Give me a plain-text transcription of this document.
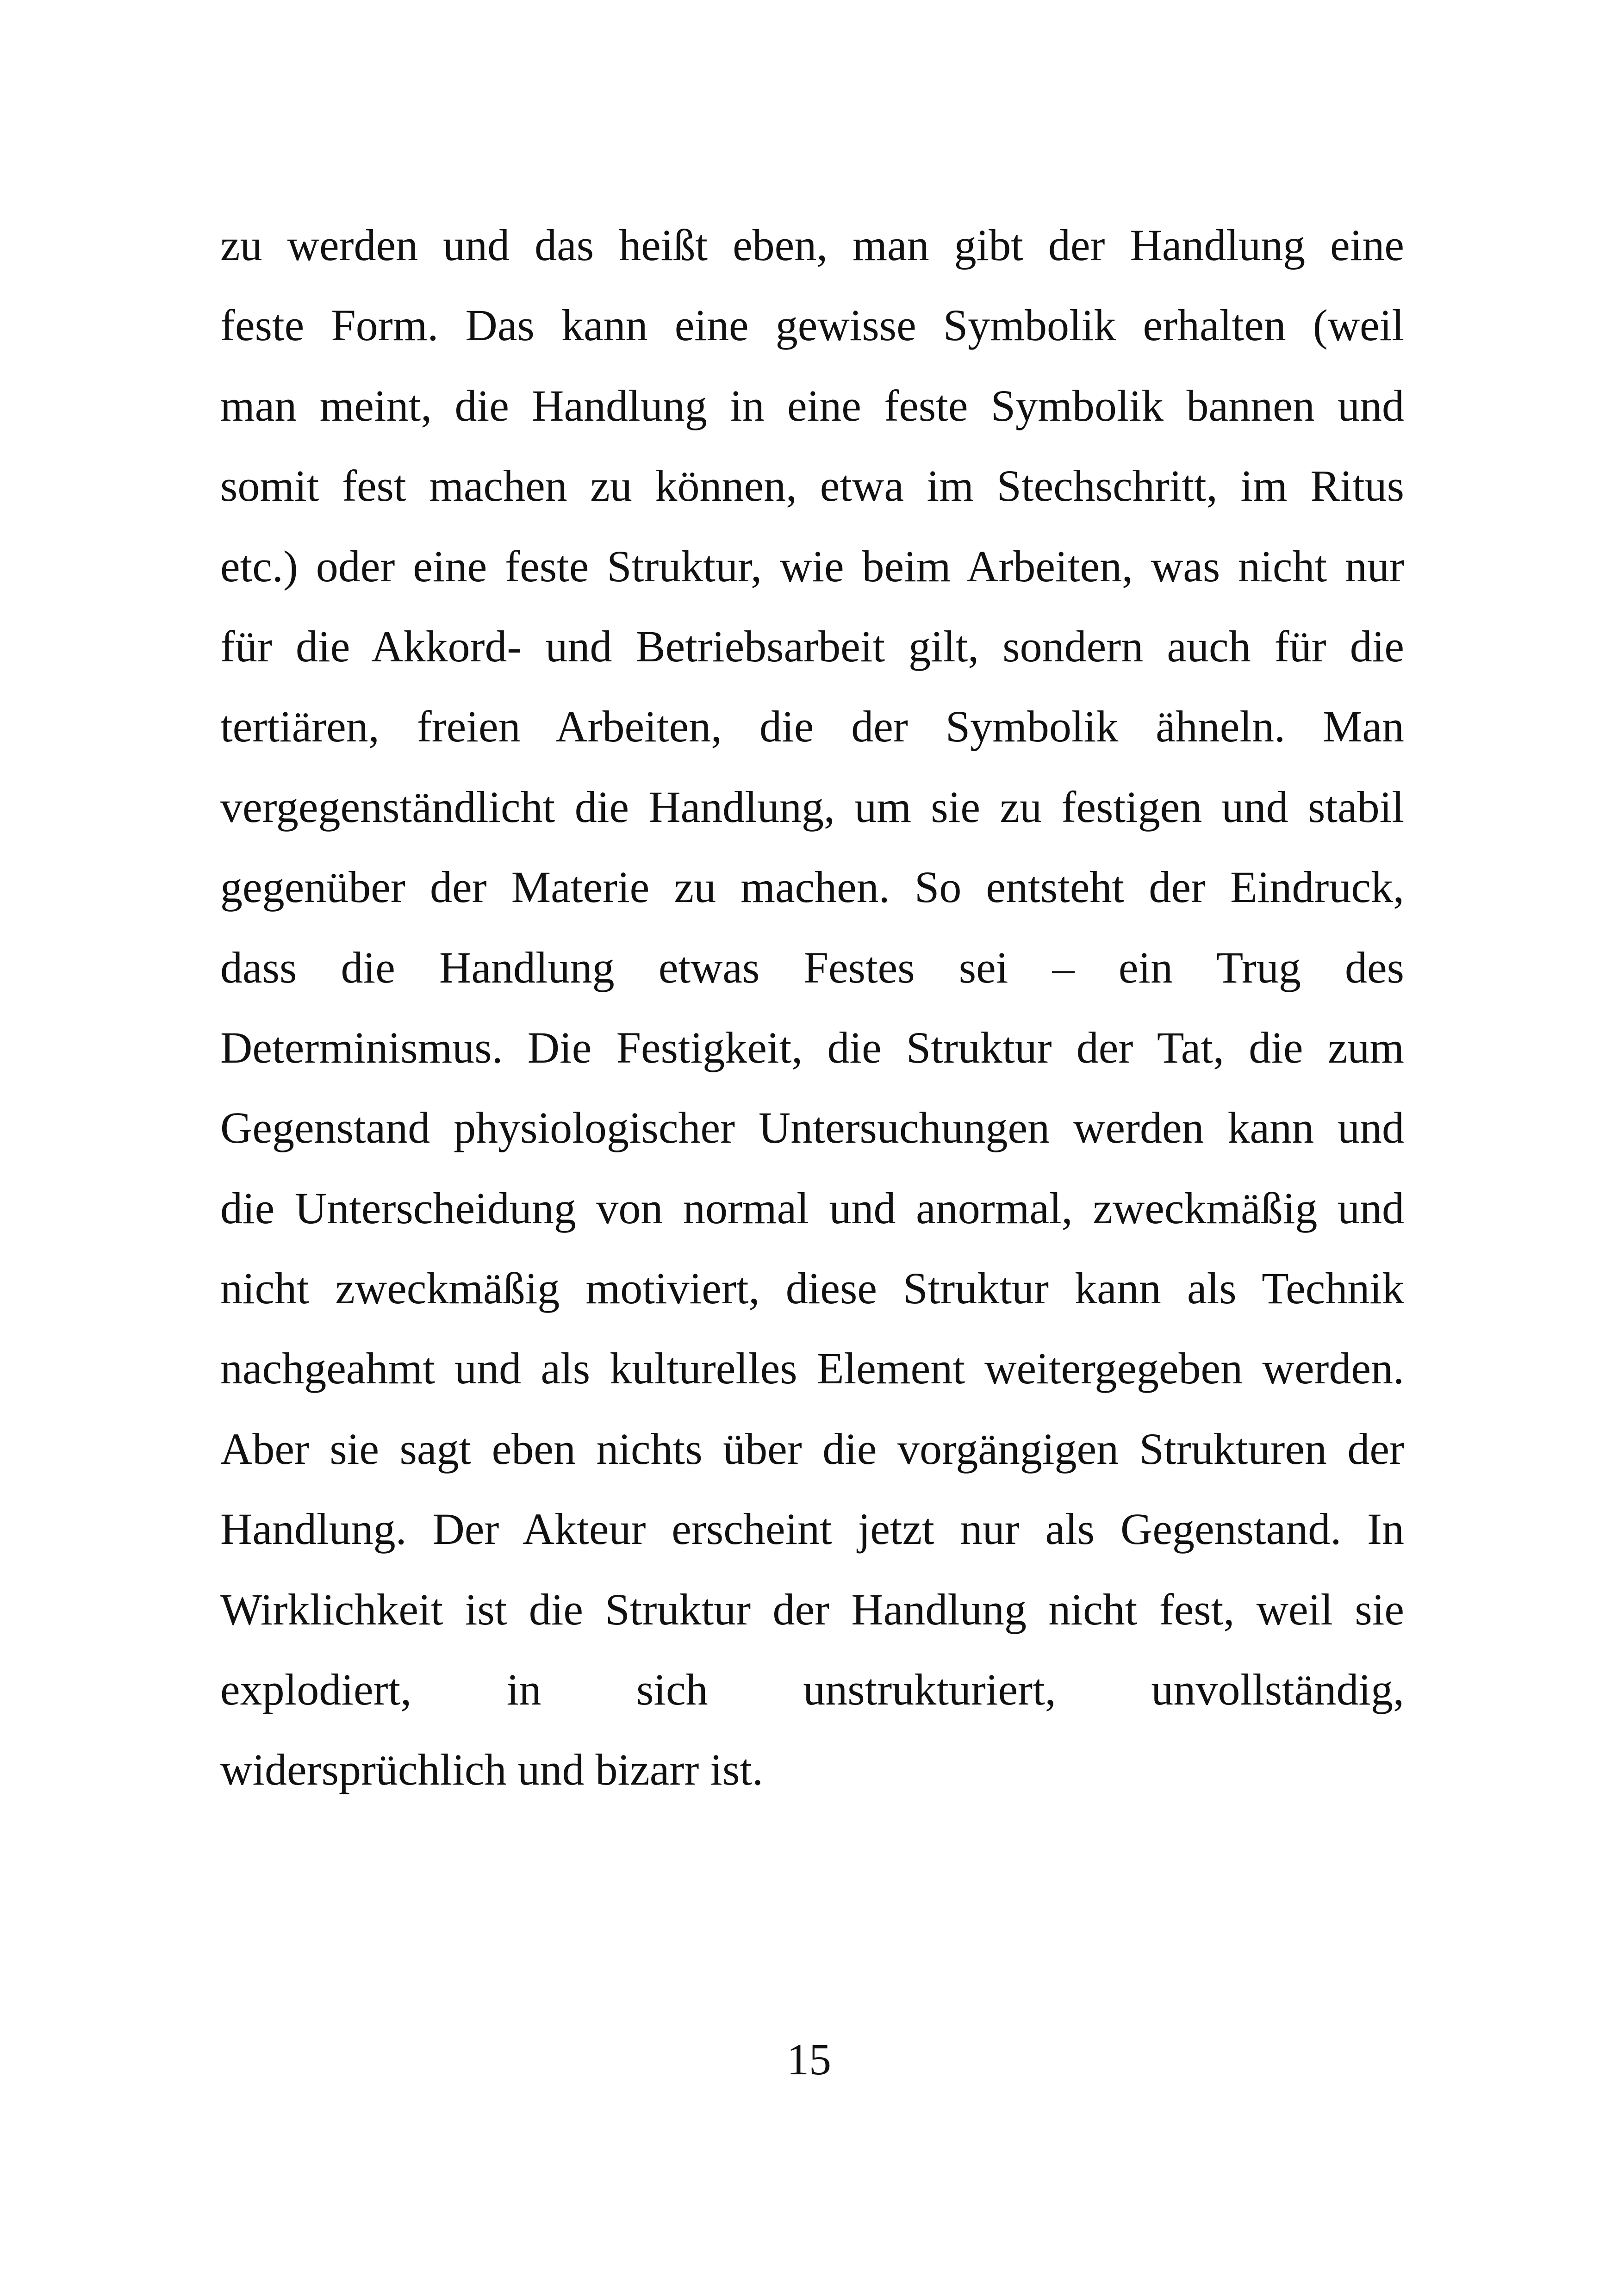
zu werden und das heißt eben, man gibt der Handlung eine
feste Form. Das kann eine gewisse Symbolik erhalten (weil
man meint, die Handlung in eine feste Symbolik bannen und
somit fest machen zu können, etwa im Stechschritt, im Ritus
etc.) oder eine feste Struktur, wie beim Arbeiten, was nicht nur
für die Akkord- und Betriebsarbeit gilt, sondern auch für die
tertiären, freien Arbeiten, die der Symbolik ähneln. Man
vergegenständlicht die Handlung, um sie zu festigen und stabil
gegenüber der Materie zu machen. So entsteht der Eindruck,
dass die Handlung etwas Festes sei – ein Trug des
Determinismus. Die Festigkeit, die Struktur der Tat, die zum
Gegenstand physiologischer Untersuchungen werden kann und
die Unterscheidung von normal und anormal, zweckmäßig und
nicht zweckmäßig motiviert, diese Struktur kann als Technik
nachgeahmt und als kulturelles Element weitergegeben werden.
Aber sie sagt eben nichts über die vorgängigen Strukturen der
Handlung. Der Akteur erscheint jetzt nur als Gegenstand. In
Wirklichkeit ist die Struktur der Handlung nicht fest, weil sie
explodiert, in sich unstrukturiert, unvollständig,
widersprüchlich und bizarr ist.
15
